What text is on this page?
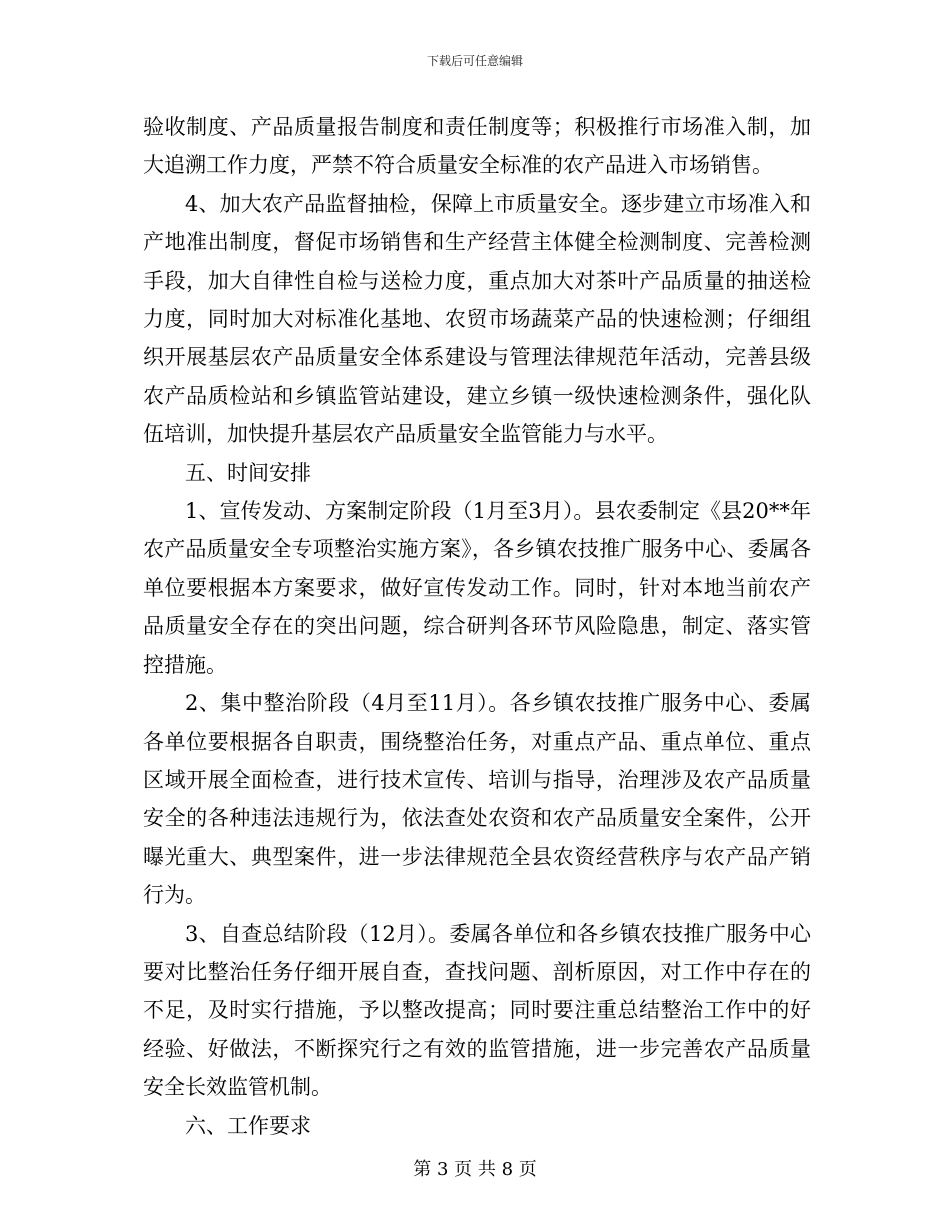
下载后可任意编辑

验收制度、产品质量报告制度和责任制度等；积极推行市场准入制，加大追溯工作力度，严禁不符合质量安全标准的农产品进入市场销售。

4、加大农产品监督抽检，保障上市质量安全。逐步建立市场准入和产地准出制度，督促市场销售和生产经营主体健全检测制度、完善检测手段，加大自律性自检与送检力度，重点加大对茶叶产品质量的抽送检力度，同时加大对标准化基地、农贸市场蔬菜产品的快速检测；仔细组织开展基层农产品质量安全体系建设与管理法律规范年活动，完善县级农产品质检站和乡镇监管站建设，建立乡镇一级快速检测条件，强化队伍培训，加快提升基层农产品质量安全监管能力与水平。

五、时间安排

1、宣传发动、方案制定阶段（1月至3月）。县农委制定《县20**年农产品质量安全专项整治实施方案》，各乡镇农技推广服务中心、委属各单位要根据本方案要求，做好宣传发动工作。同时，针对本地当前农产品质量安全存在的突出问题，综合研判各环节风险隐患，制定、落实管控措施。

2、集中整治阶段（4月至11月）。各乡镇农技推广服务中心、委属各单位要根据各自职责，围绕整治任务，对重点产品、重点单位、重点区域开展全面检查，进行技术宣传、培训与指导，治理涉及农产品质量安全的各种违法违规行为，依法查处农资和农产品质量安全案件，公开曝光重大、典型案件，进一步法律规范全县农资经营秩序与农产品产销行为。

3、自查总结阶段（12月）。委属各单位和各乡镇农技推广服务中心要对比整治任务仔细开展自查，查找问题、剖析原因，对工作中存在的不足，及时实行措施，予以整改提高；同时要注重总结整治工作中的好经验、好做法，不断探究行之有效的监管措施，进一步完善农产品质量安全长效监管机制。

六、工作要求

第 3 页 共 8 页
